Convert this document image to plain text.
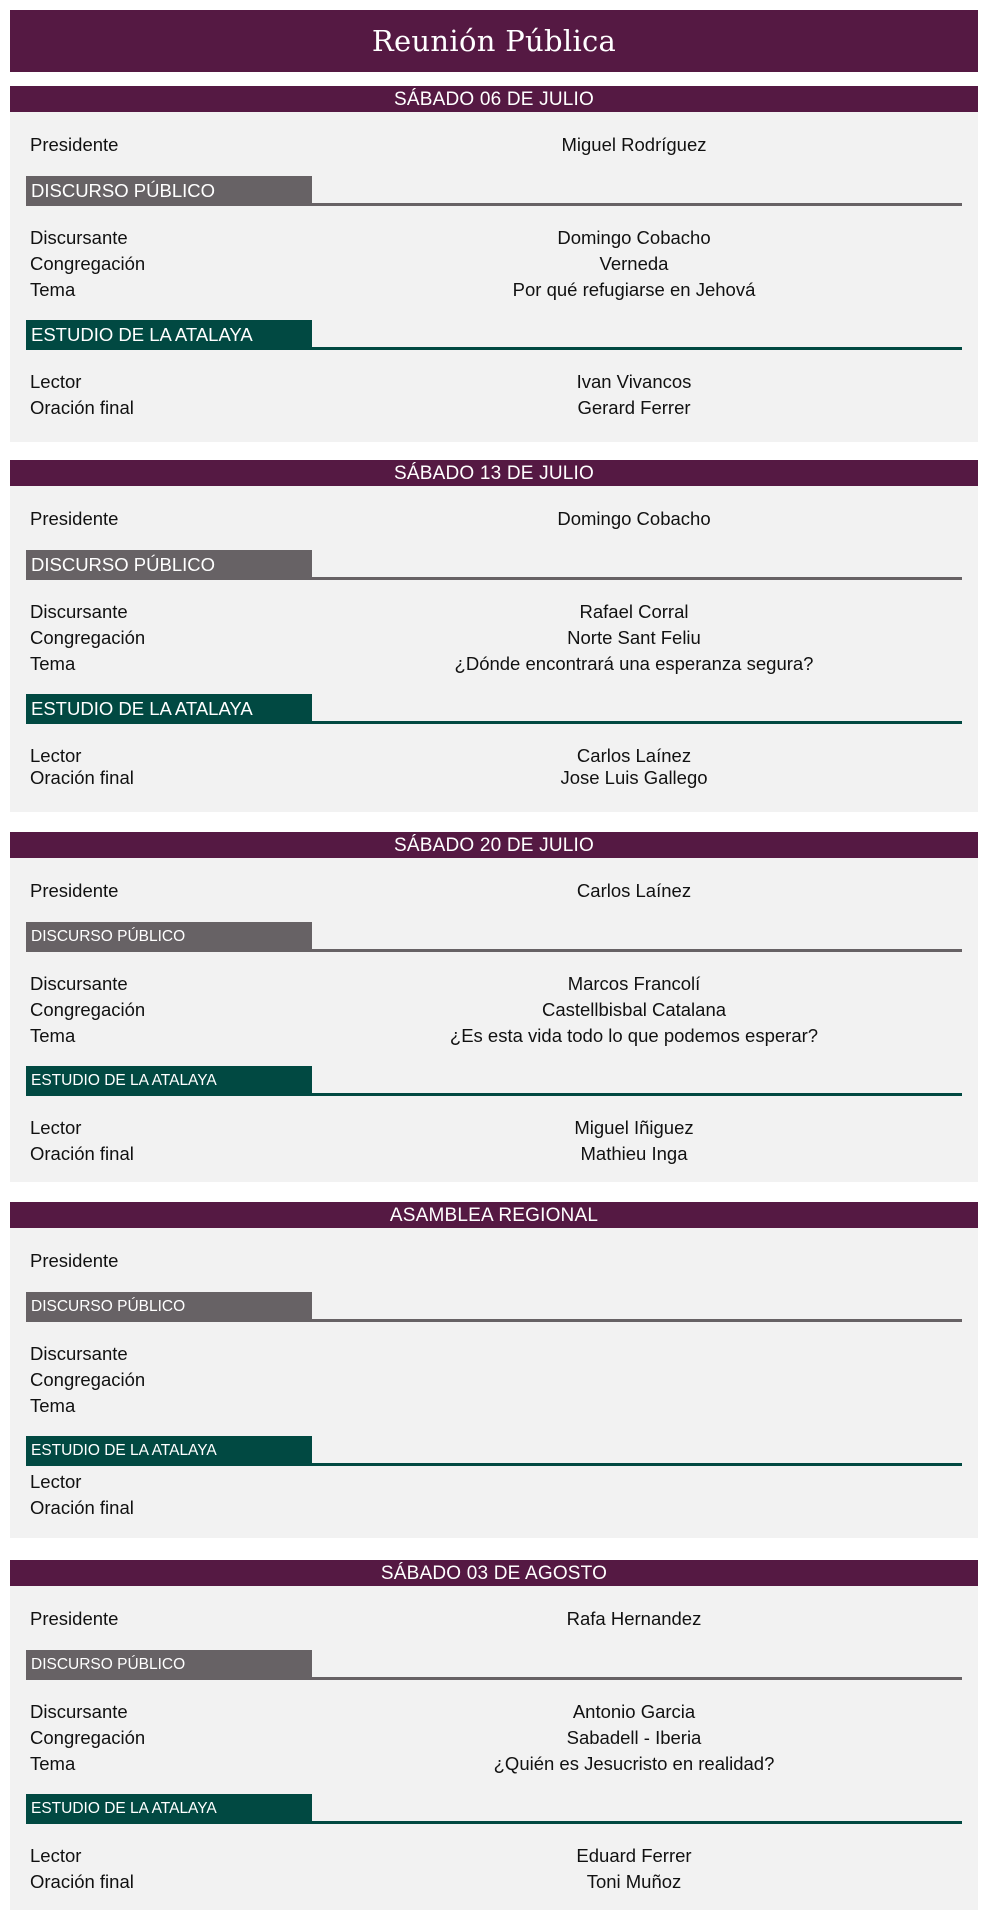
Reunión Pública
SÁBADO 06 DE JULIO
Presidente	Miguel Rodríguez
DISCURSO PÚBLICO
Discursante	Domingo Cobacho
Congregación	Verneda
Tema	Por qué refugiarse en Jehová
ESTUDIO DE LA ATALAYA
Lector	Ivan Vivancos
Oración final	Gerard Ferrer
SÁBADO 13 DE JULIO
Presidente	Domingo Cobacho
DISCURSO PÚBLICO
Discursante	Rafael Corral
Congregación	Norte Sant Feliu
Tema	¿Dónde encontrará una esperanza segura?
ESTUDIO DE LA ATALAYA
Lector	Carlos Laínez
Oración final	Jose Luis Gallego
SÁBADO 20 DE JULIO
Presidente	Carlos Laínez
DISCURSO PÚBLICO
Discursante	Marcos Francolí
Congregación	Castellbisbal Catalana
Tema	¿Es esta vida todo lo que podemos esperar?
ESTUDIO DE LA ATALAYA
Lector	Miguel Iñiguez
Oración final	Mathieu Inga
ASAMBLEA REGIONAL
Presidente
DISCURSO PÚBLICO
Discursante
Congregación
Tema
ESTUDIO DE LA ATALAYA
Lector
Oración final
SÁBADO 03 DE AGOSTO
Presidente	Rafa Hernandez
DISCURSO PÚBLICO
Discursante	Antonio Garcia
Congregación	Sabadell - Iberia
Tema	¿Quién es Jesucristo en realidad?
ESTUDIO DE LA ATALAYA
Lector	Eduard Ferrer
Oración final	Toni Muñoz
